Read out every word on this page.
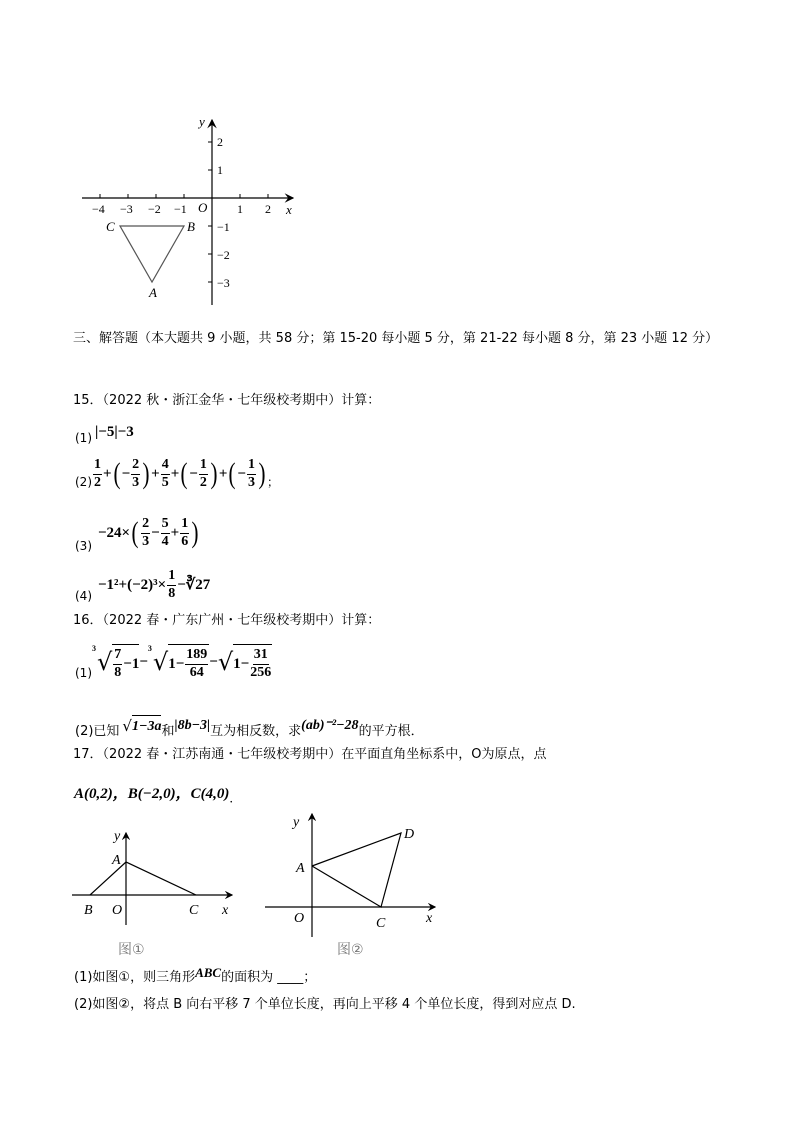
−4 −3 −2 −1	1 2
2
1
−1
−2
−3
x
y
O
C	B
A
三、解答题（本大题共 9 小题，共 58 分；第 15-20 每小题 5 分，第 21-22 每小题 8 分，第 23 小题 12 分）
15．（2022 秋・浙江金华・七年级校考期中）计算：
(1) |−5|−3
$(2) \frac{1}{2}$ + ( − $\frac{2}{3}$ ) + $\frac{4}{5}$ + ( − $\frac{1}{2}$ ) + ( − $\frac{1}{3}$ ) ；
(3)
−24× ( $\frac{2}{3} - \frac{5}{4} + \frac{1}{6}$ )
(4)
$-1^2+(-2)^3\times \frac{1}{8}$ −∛27
16．（2022 春・广东广州・七年级校考期中）计算：
(1)
3 √ $\frac{7}{8} -1$ −
3 √ $1- \frac{189}{64}$ − √ $1- \frac{31}{256}$
(2)已知 √ 1−3a 和 |8b−3| 互为相反数，求 (ab)⁻²−28 的平方根．
17．（2022 春・江苏南通・七年级校考期中）在平面直角坐标系中，O为原点，点
A(0,2)，B(−2,0)，C(4,0) ．
y
A
B O	C x
图①
y
D
A
O	C	x
图②
(1)如图①，则三角形 ABC 的面积为 ____；
(2)如图②，将点 B 向右平移 7 个单位长度，再向上平移 4 个单位长度，得到对应点 D.
